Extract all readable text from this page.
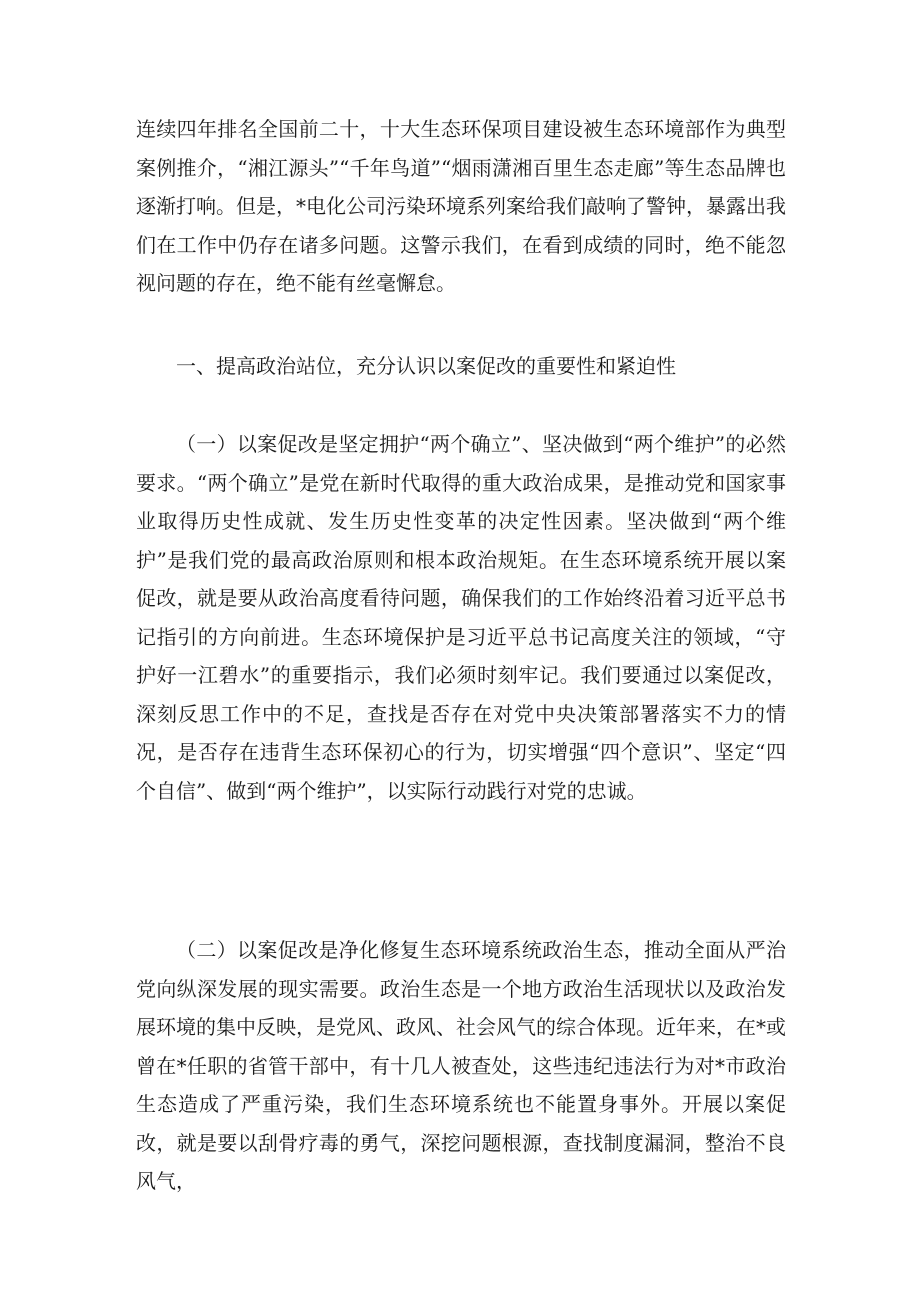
连续四年排名全国前二十，十大生态环保项目建设被生态环境部作为典型案例推介，“湘江源头”“千年鸟道”“烟雨潇湘百里生态走廊”等生态品牌也逐渐打响。但是，*电化公司污染环境系列案给我们敲响了警钟，暴露出我们在工作中仍存在诸多问题。这警示我们，在看到成绩的同时，绝不能忽视问题的存在，绝不能有丝毫懈怠。

一、提高政治站位，充分认识以案促改的重要性和紧迫性

（一）以案促改是坚定拥护“两个确立”、坚决做到“两个维护”的必然要求。“两个确立”是党在新时代取得的重大政治成果，是推动党和国家事业取得历史性成就、发生历史性变革的决定性因素。坚决做到“两个维护”是我们党的最高政治原则和根本政治规矩。在生态环境系统开展以案促改，就是要从政治高度看待问题，确保我们的工作始终沿着习近平总书记指引的方向前进。生态环境保护是习近平总书记高度关注的领域，“守护好一江碧水”的重要指示，我们必须时刻牢记。我们要通过以案促改，深刻反思工作中的不足，查找是否存在对党中央决策部署落实不力的情况，是否存在违背生态环保初心的行为，切实增强“四个意识”、坚定“四个自信”、做到“两个维护”，以实际行动践行对党的忠诚。

（二）以案促改是净化修复生态环境系统政治生态，推动全面从严治党向纵深发展的现实需要。政治生态是一个地方政治生活现状以及政治发展环境的集中反映，是党风、政风、社会风气的综合体现。近年来，在*或曾在*任职的省管干部中，有十几人被查处，这些违纪违法行为对*市政治生态造成了严重污染，我们生态环境系统也不能置身事外。开展以案促改，就是要以刮骨疗毒的勇气，深挖问题根源，查找制度漏洞，整治不良风气，
